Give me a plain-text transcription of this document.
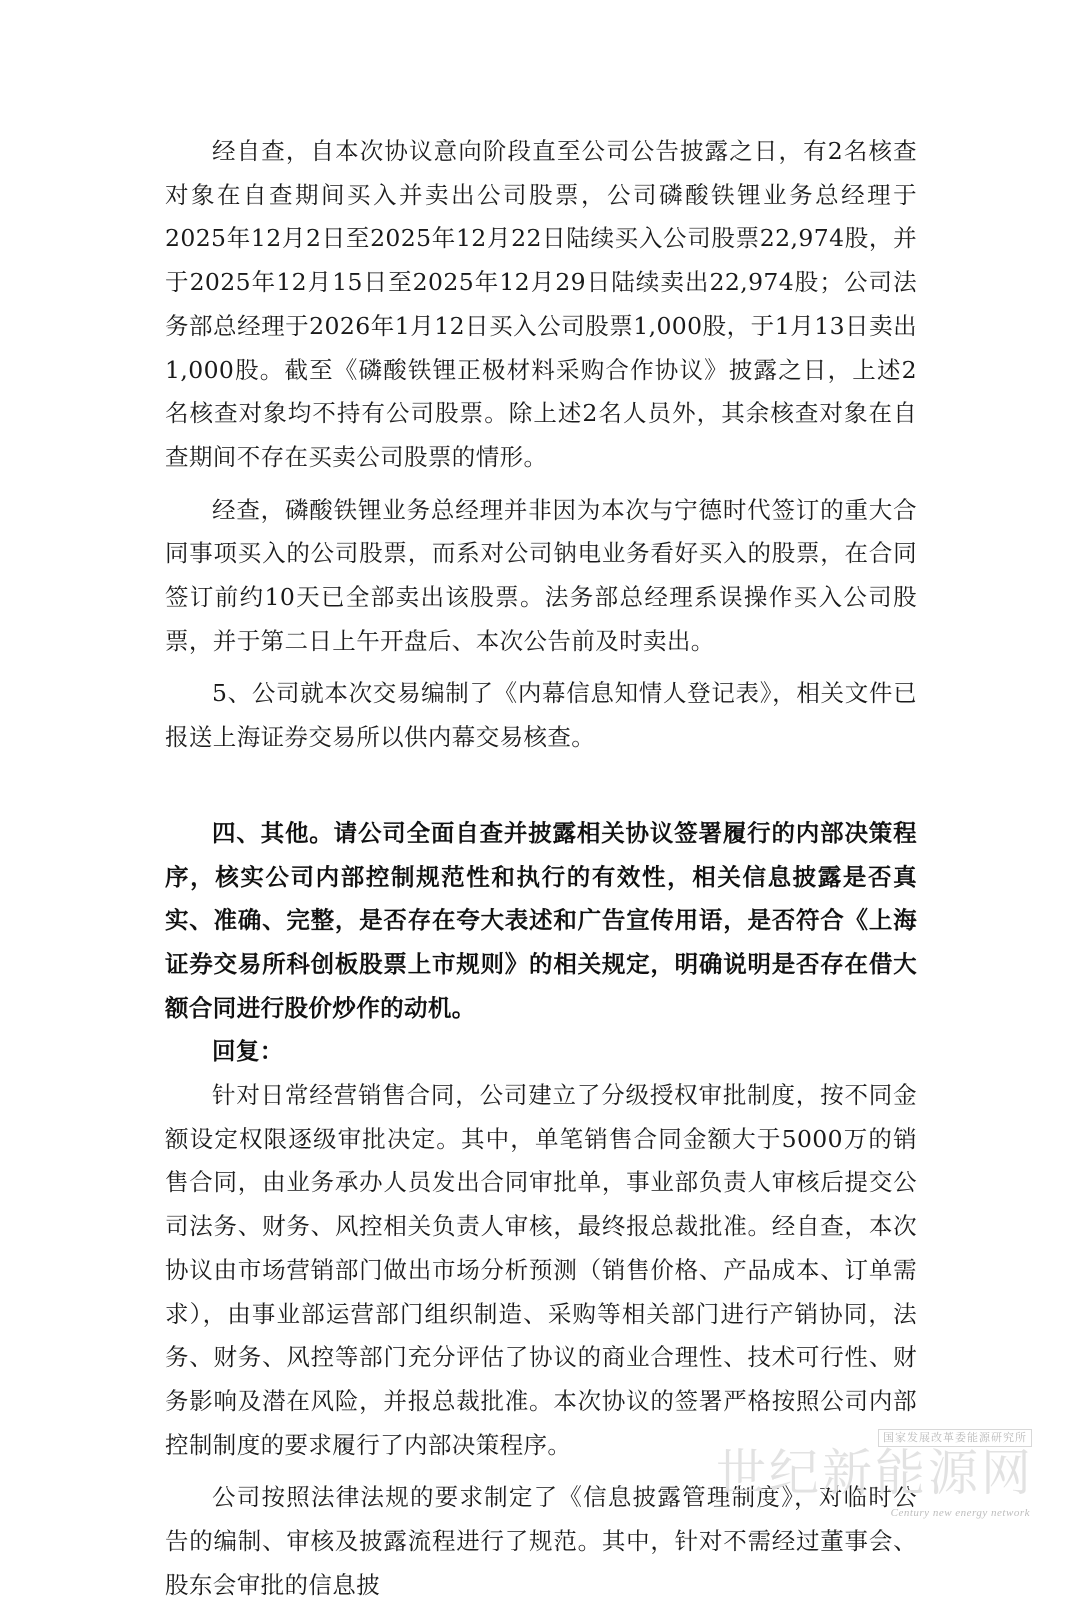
经自查，自本次协议意向阶段直至公司公告披露之日，有2名核查对象在自查期间买入并卖出公司股票，公司磷酸铁锂业务总经理于2025年12月2日至2025年12月22日陆续买入公司股票22,974股，并于2025年12月15日至2025年12月29日陆续卖出22,974股；公司法务部总经理于2026年1月12日买入公司股票1,000股，于1月13日卖出1,000股。截至《磷酸铁锂正极材料采购合作协议》披露之日，上述2名核查对象均不持有公司股票。除上述2名人员外，其余核查对象在自查期间不存在买卖公司股票的情形。

经查，磷酸铁锂业务总经理并非因为本次与宁德时代签订的重大合同事项买入的公司股票，而系对公司钠电业务看好买入的股票，在合同签订前约10天已全部卖出该股票。法务部总经理系误操作买入公司股票，并于第二日上午开盘后、本次公告前及时卖出。

5、公司就本次交易编制了《内幕信息知情人登记表》，相关文件已报送上海证券交易所以供内幕交易核查。

四、其他。请公司全面自查并披露相关协议签署履行的内部决策程序，核实公司内部控制规范性和执行的有效性，相关信息披露是否真实、准确、完整，是否存在夸大表述和广告宣传用语，是否符合《上海证券交易所科创板股票上市规则》的相关规定，明确说明是否存在借大额合同进行股价炒作的动机。

回复：

针对日常经营销售合同，公司建立了分级授权审批制度，按不同金额设定权限逐级审批决定。其中，单笔销售合同金额大于5000万的销售合同，由业务承办人员发出合同审批单，事业部负责人审核后提交公司法务、财务、风控相关负责人审核，最终报总裁批准。经自查，本次协议由市场营销部门做出市场分析预测（销售价格、产品成本、订单需求），由事业部运营部门组织制造、采购等相关部门进行产销协同，法务、财务、风控等部门充分评估了协议的商业合理性、技术可行性、财务影响及潜在风险，并报总裁批准。本次协议的签署严格按照公司内部控制制度的要求履行了内部决策程序。

公司按照法律法规的要求制定了《信息披露管理制度》，对临时公告的编制、审核及披露流程进行了规范。其中，针对不需经过董事会、股东会审批的信息披

国家发展改革委能源研究所
世纪新能源网
Century new energy network
